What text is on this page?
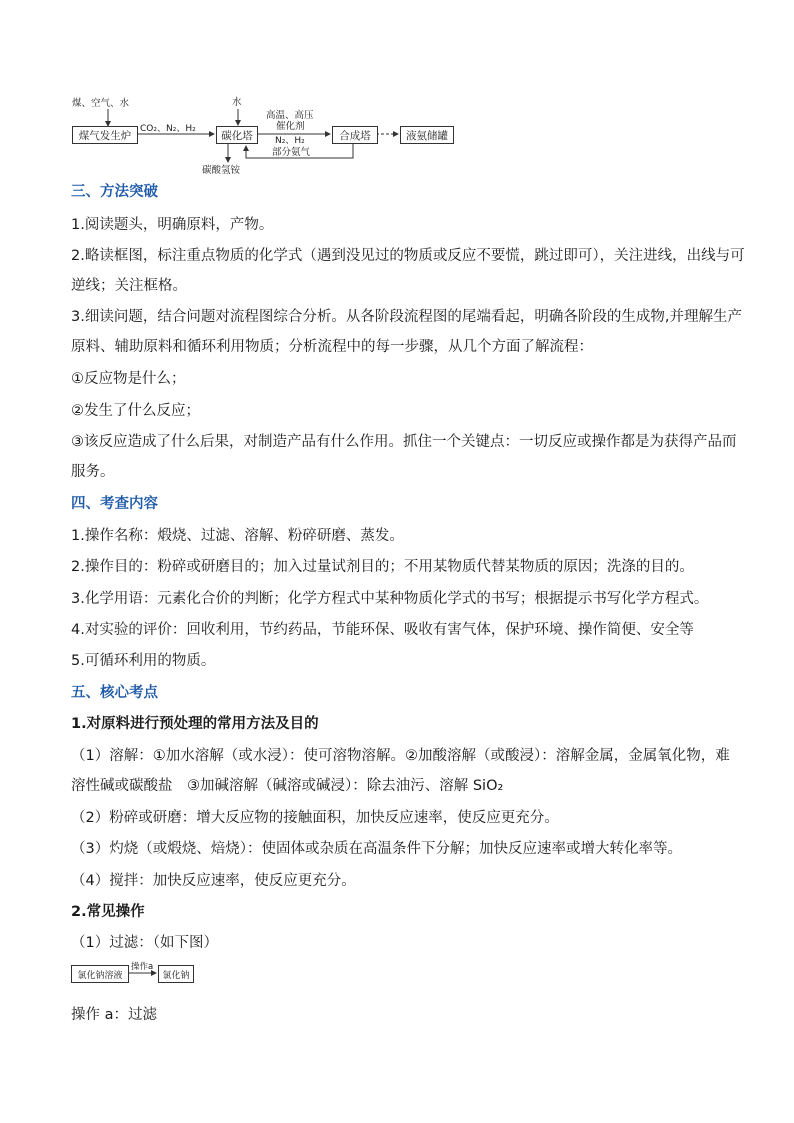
煤、空气、水
煤气发生炉
CO₂、N₂、H₂
水
碳化塔
高温、高压
催化剂
N₂、H₂
部分氨气
碳酸氢铵
合成塔	液氨储罐
三、方法突破
1.阅读题头，明确原料，产物。
2.略读框图，标注重点物质的化学式（遇到没见过的物质或反应不要慌，跳过即可），关注进线，出线与可
逆线；关注框格。
3.细读问题，结合问题对流程图综合分析。从各阶段流程图的尾端看起，明确各阶段的生成物,并理解生产
原料、辅助原料和循环利用物质；分析流程中的每一步骤，从几个方面了解流程：
①反应物是什么；
②发生了什么反应；
③该反应造成了什么后果，对制造产品有什么作用。抓住一个关键点：一切反应或操作都是为获得产品而
服务。
四、考查内容
1.操作名称：煅烧、过滤、溶解、粉碎研磨、蒸发。
2.操作目的：粉碎或研磨目的；加入过量试剂目的；不用某物质代替某物质的原因；洗涤的目的。
3.化学用语：元素化合价的判断；化学方程式中某种物质化学式的书写；根据提示书写化学方程式。
4.对实验的评价：回收利用，节约药品，节能环保、吸收有害气体，保护环境、操作简便、安全等
5.可循环利用的物质。
五、核心考点
1.对原料进行预处理的常用方法及目的
（1）溶解：①加水溶解（或水浸）：使可溶物溶解。②加酸溶解（或酸浸）：溶解金属，金属氧化物，难
溶性碱或碳酸盐　③加碱溶解（碱溶或碱浸）：除去油污、溶解 SiO₂
（2）粉碎或研磨：增大反应物的接触面积，加快反应速率，使反应更充分。
（3）灼烧（或煅烧、焙烧）：使固体或杂质在高温条件下分解；加快反应速率或增大转化率等。
（4）搅拌：加快反应速率，使反应更充分。
2.常见操作
（1）过滤：（如下图）
氯化钠溶液
操作a
氯化钠
操作 a：过滤
